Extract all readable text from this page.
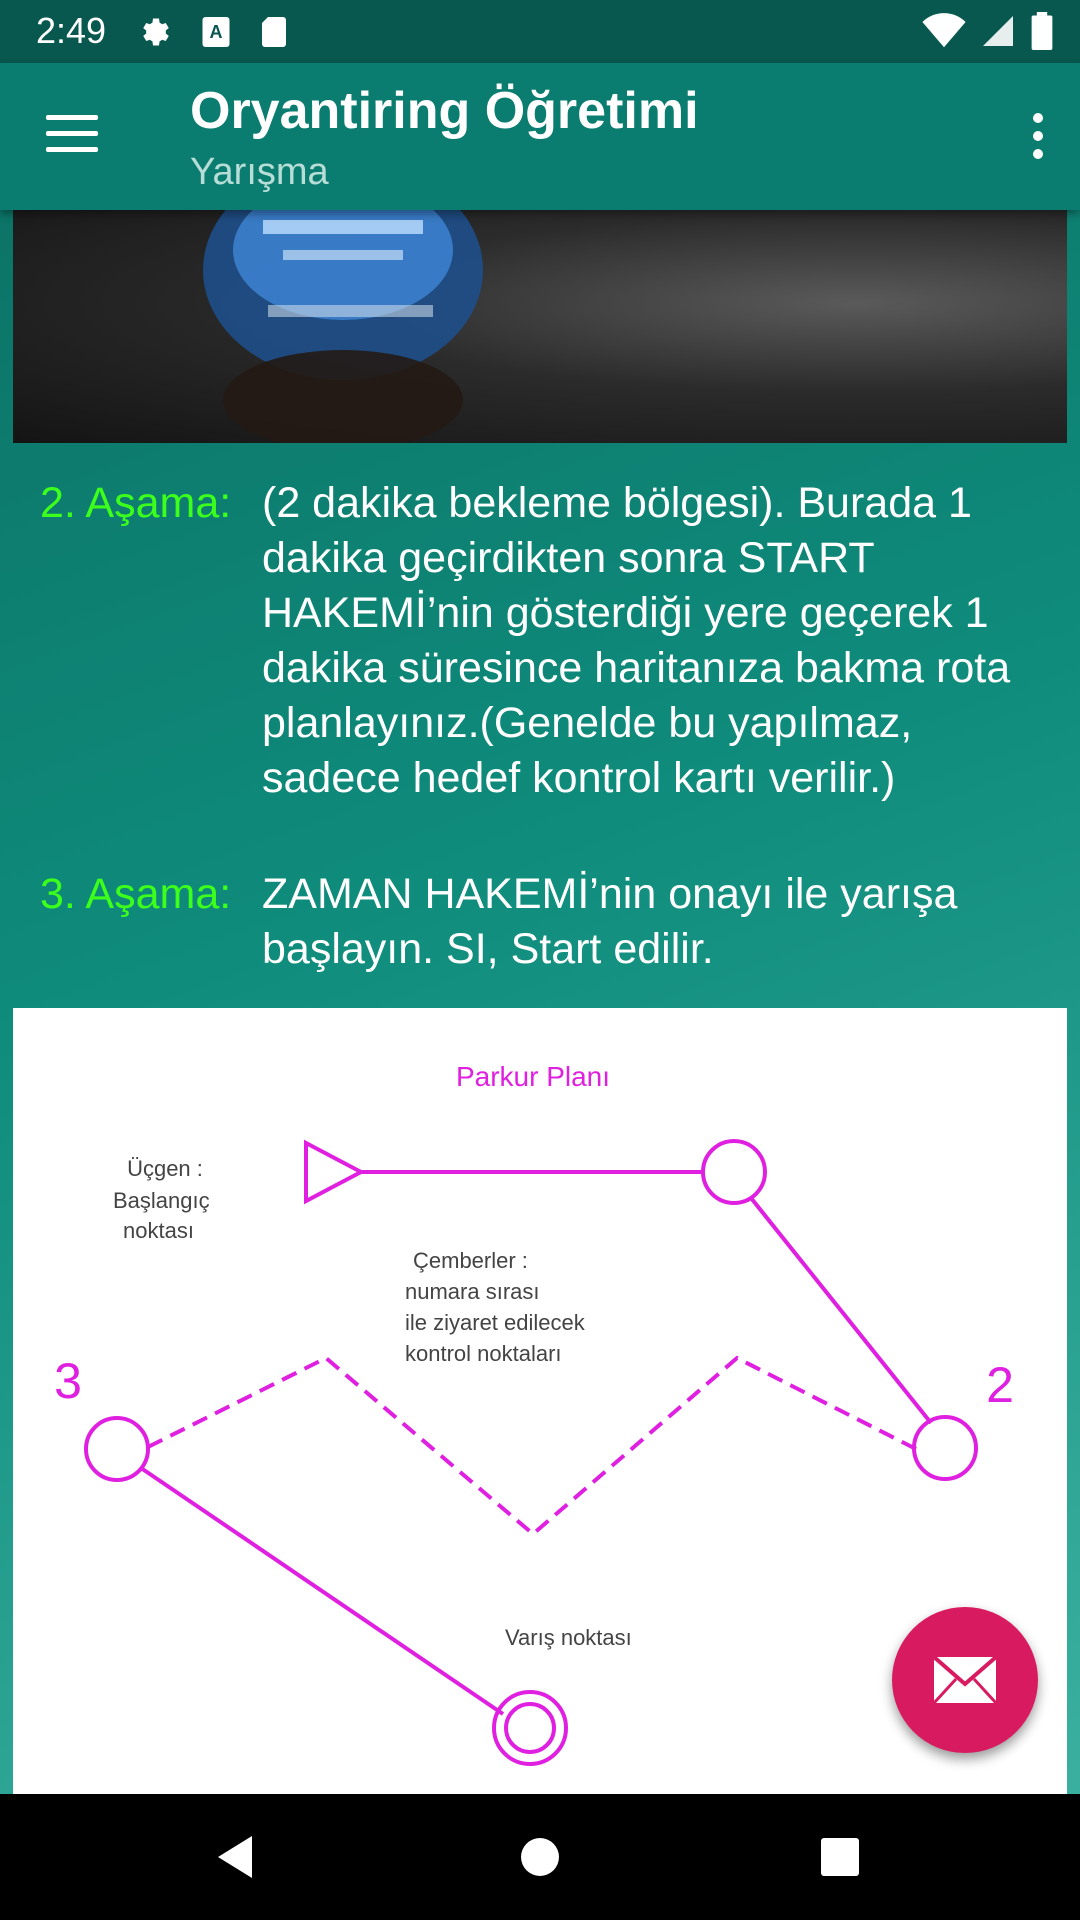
2:49	A
Oryantiring Öğretimi
Yarışma
2. Aşama: (2 dakika bekleme bölgesi). Burada 1 dakika geçirdikten sonra START HAKEMİ’nin gösterdiği yere geçerek 1 dakika süresince haritanıza bakma rota planlayınız.(Genelde bu yapılmaz, sadece hedef kontrol kartı verilir.)
3. Aşama: ZAMAN HAKEMİ’nin onayı ile yarışa başlayın. SI, Start edilir.
Parkur Planı
Üçgen :
Başlangıç
noktası
Çemberler :
numara sırası
ile ziyaret edilecek
kontrol noktaları
Varış noktası
3	2
